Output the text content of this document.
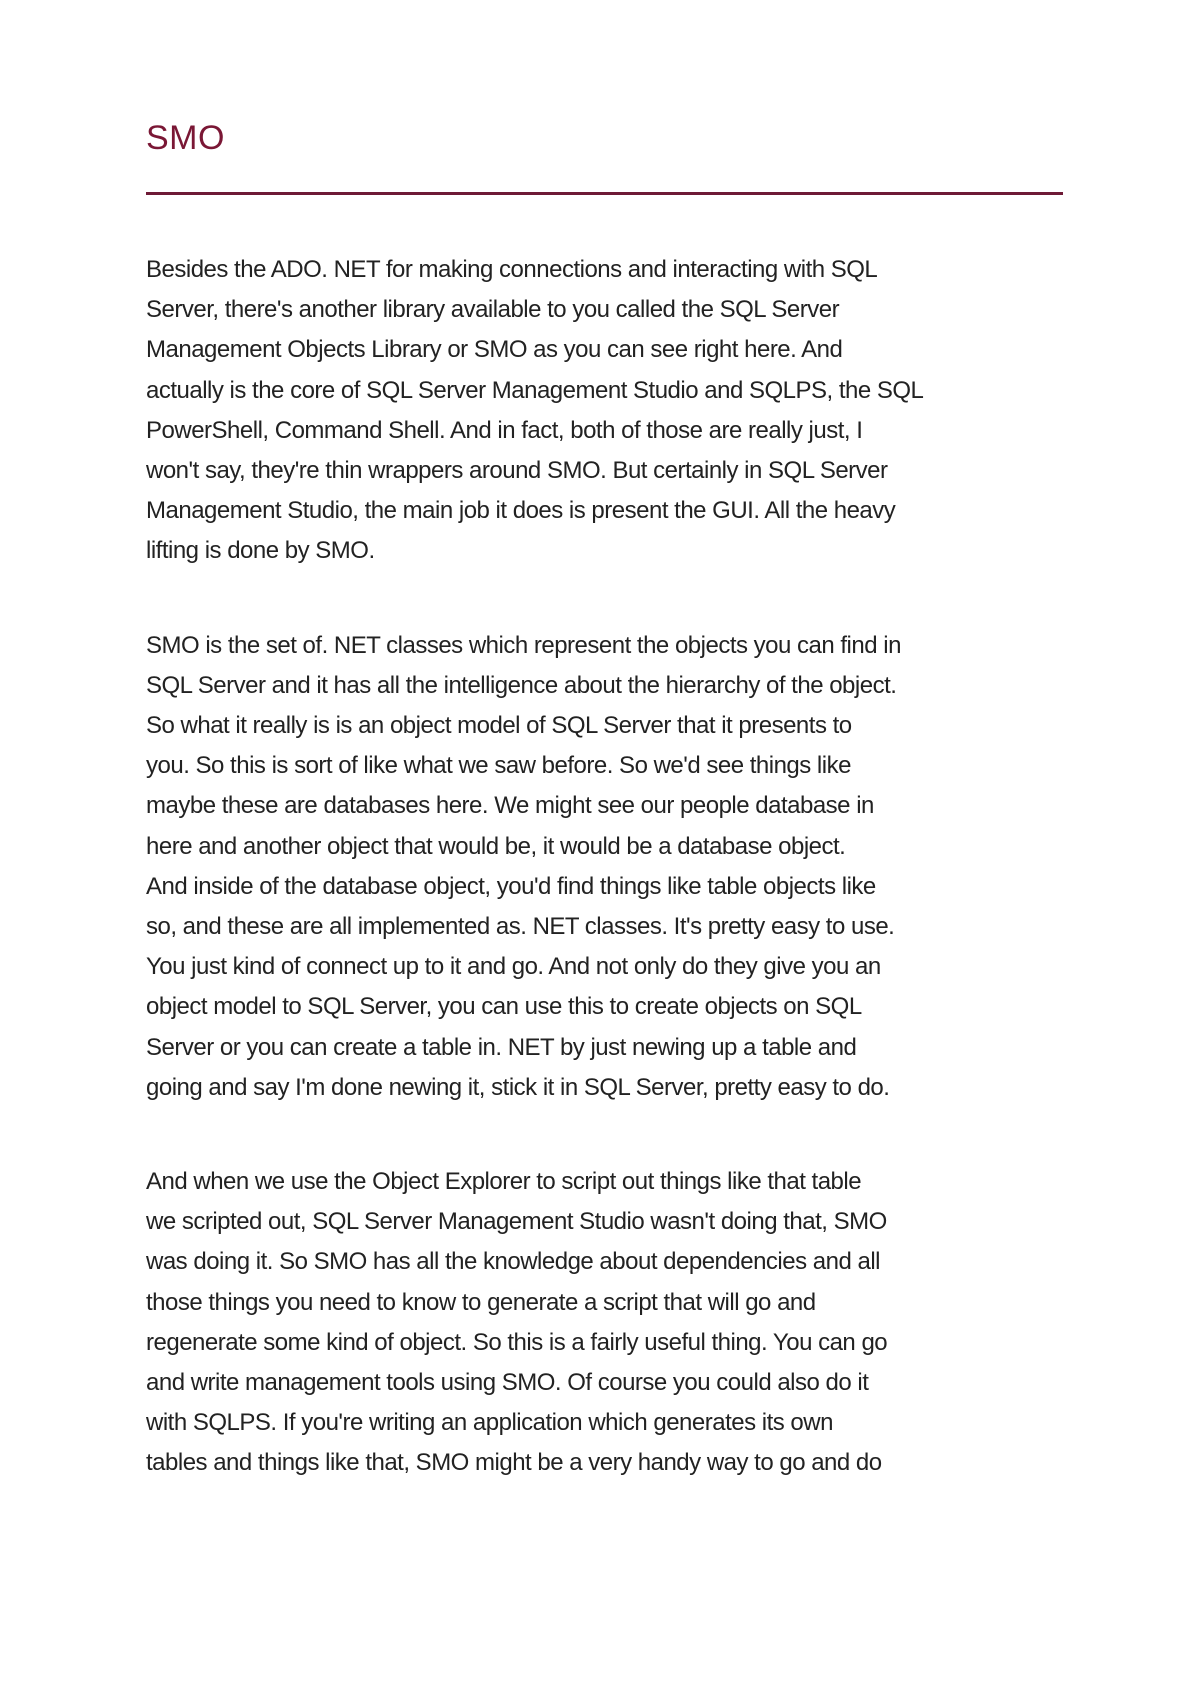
SMO

Besides the ADO. NET for making connections and interacting with SQL
Server, there's another library available to you called the SQL Server
Management Objects Library or SMO as you can see right here. And
actually is the core of SQL Server Management Studio and SQLPS, the SQL
PowerShell, Command Shell. And in fact, both of those are really just, I
won't say, they're thin wrappers around SMO. But certainly in SQL Server
Management Studio, the main job it does is present the GUI. All the heavy
lifting is done by SMO.

SMO is the set of. NET classes which represent the objects you can find in
SQL Server and it has all the intelligence about the hierarchy of the object.
So what it really is is an object model of SQL Server that it presents to
you. So this is sort of like what we saw before. So we'd see things like
maybe these are databases here. We might see our people database in
here and another object that would be, it would be a database object.
And inside of the database object, you'd find things like table objects like
so, and these are all implemented as. NET classes. It's pretty easy to use.
You just kind of connect up to it and go. And not only do they give you an
object model to SQL Server, you can use this to create objects on SQL
Server or you can create a table in. NET by just newing up a table and
going and say I'm done newing it, stick it in SQL Server, pretty easy to do.

And when we use the Object Explorer to script out things like that table
we scripted out, SQL Server Management Studio wasn't doing that, SMO
was doing it. So SMO has all the knowledge about dependencies and all
those things you need to know to generate a script that will go and
regenerate some kind of object. So this is a fairly useful thing. You can go
and write management tools using SMO. Of course you could also do it
with SQLPS. If you're writing an application which generates its own
tables and things like that, SMO might be a very handy way to go and do
